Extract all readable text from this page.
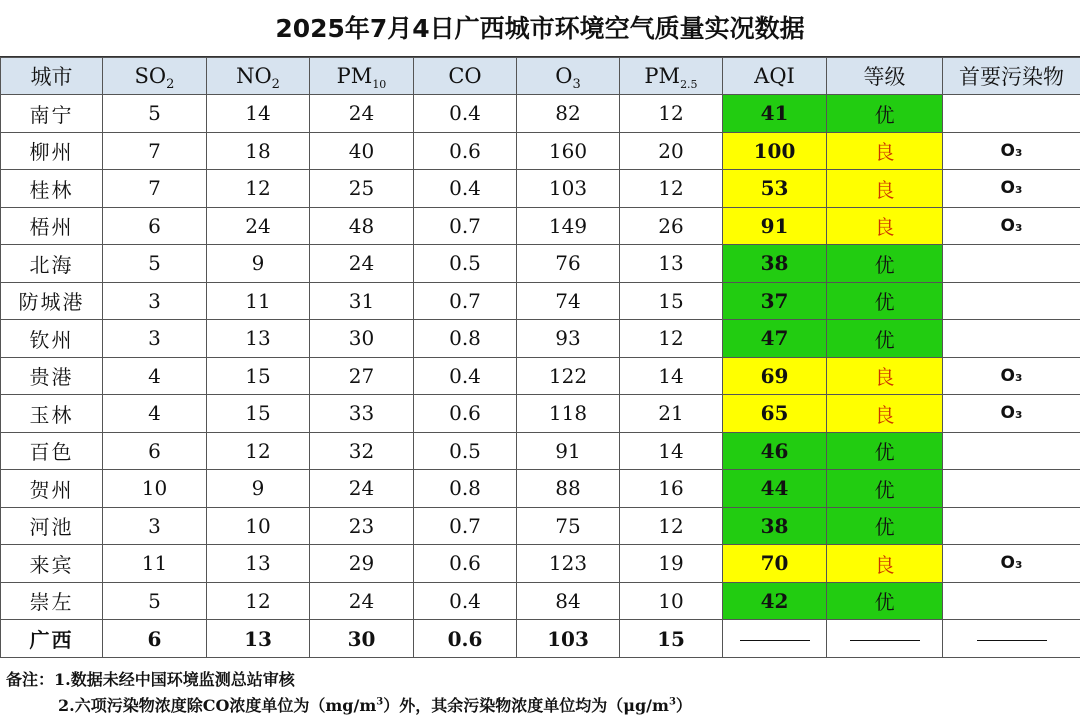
2025年7月4日广西城市环境空气质量实况数据
城市	$SO_2$	$NO_2$	$PM_{10}$	CO	$O_3$	$PM_{2.5}$	AQI	等级	首要污染物
南宁	5	14	24	0.4	82	12	41	优	
柳州	7	18	40	0.6	160	20	100	良	O₃
桂林	7	12	25	0.4	103	12	53	良	O₃
梧州	6	24	48	0.7	149	26	91	良	O₃
北海	5	9	24	0.5	76	13	38	优	
防城港	3	11	31	0.7	74	15	37	优	
钦州	3	13	30	0.8	93	12	47	优	
贵港	4	15	27	0.4	122	14	69	良	O₃
玉林	4	15	33	0.6	118	21	65	良	O₃
百色	6	12	32	0.5	91	14	46	优	
贺州	10	9	24	0.8	88	16	44	优	
河池	3	10	23	0.7	75	12	38	优	
来宾	11	13	29	0.6	123	19	70	良	O₃
崇左	5	12	24	0.4	84	10	42	优	
广西	6	13	30	0.6	103	15			
备注：1.数据未经中国环境监测总站审核
2.六项污染物浓度除CO浓度单位为$(mg/m^3)$外，其余污染物浓度单位均为$(\mu g/m^3)$
